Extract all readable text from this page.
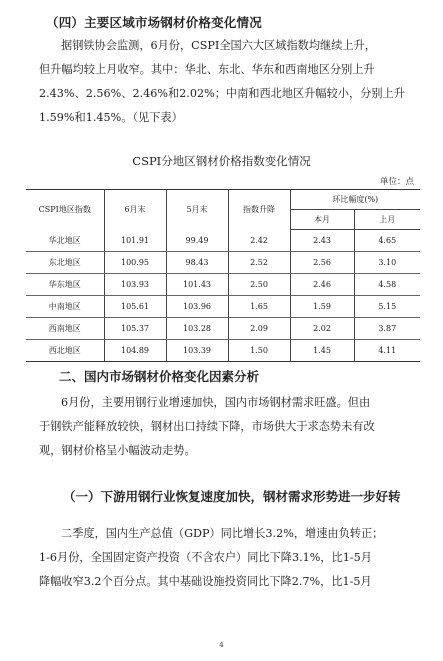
（四）主要区域市场钢材价格变化情况
据钢铁协会监测，6月份，CSPI全国六大区域指数均继续上升，
但升幅均较上月收窄。其中：华北、东北、华东和西南地区分别上升
2.43%、2.56%、2.46%和2.02%；中南和西北地区升幅较小，分别上升
1.59%和1.45%。（见下表）
CSPI分地区钢材价格指数变化情况
单位：点
CSPI地区指数	6月末	5月末	指数升降	环比幅度(%)	
				本月	上月
华北地区	101.91	99.49	2.42	2.43	4.65
东北地区	100.95	98.43	2.52	2.56	3.10
华东地区	103.93	101.43	2.50	2.46	4.58
中南地区	105.61	103.96	1.65	1.59	5.15
西南地区	105.37	103.28	2.09	2.02	3.87
西北地区	104.89	103.39	1.50	1.45	4.11
二、国内市场钢材价格变化因素分析
6月份，主要用钢行业增速加快，国内市场钢材需求旺盛。但由
于钢铁产能释放较快，钢材出口持续下降，市场供大于求态势未有改
观，钢材价格呈小幅波动走势。
（一）下游用钢行业恢复速度加快，钢材需求形势进一步好转
二季度，国内生产总值（GDP）同比增长3.2%，增速由负转正；
1-6月份，全国固定资产投资（不含农户）同比下降3.1%，比1-5月
降幅收窄3.2个百分点。其中基础设施投资同比下降2.7%，比1-5月
4
